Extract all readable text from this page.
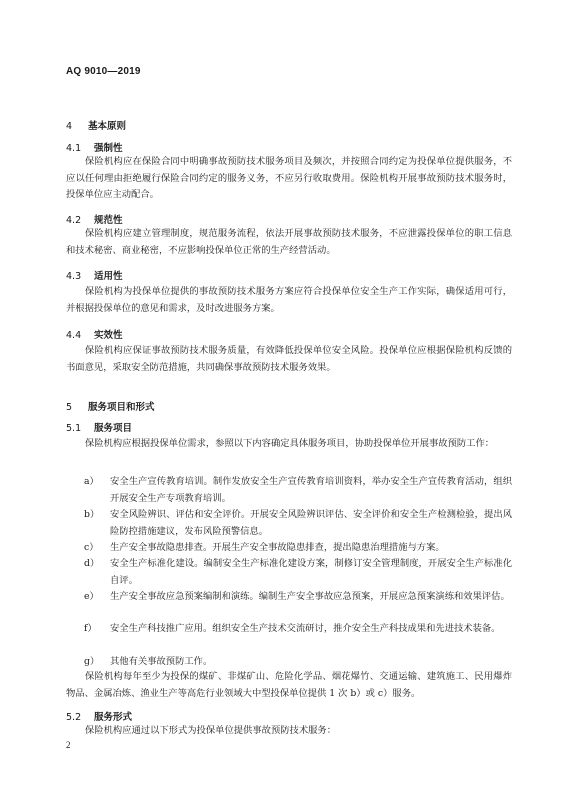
AQ 9010—2019
4 基本原则
4.1 强制性

保险机构应在保险合同中明确事故预防技术服务项目及频次，并按照合同约定为投保单位提供服务，不应以任何理由拒绝履行保险合同约定的服务义务，不应另行收取费用。保险机构开展事故预防技术服务时，投保单位应主动配合。

4.2 规范性

保险机构应建立管理制度，规范服务流程，依法开展事故预防技术服务，不应泄露投保单位的职工信息和技术秘密、商业秘密，不应影响投保单位正常的生产经营活动。

4.3 适用性

保险机构为投保单位提供的事故预防技术服务方案应符合投保单位安全生产工作实际，确保适用可行，并根据投保单位的意见和需求，及时改进服务方案。

4.4 实效性

保险机构应保证事故预防技术服务质量，有效降低投保单位安全风险。投保单位应根据保险机构反馈的书面意见，采取安全防范措施，共同确保事故预防技术服务效果。

5 服务项目和形式
5.1 服务项目

保险机构应根据投保单位需求，参照以下内容确定具体服务项目，协助投保单位开展事故预防工作：

a）	安全生产宣传教育培训。制作发放安全生产宣传教育培训资料，举办安全生产宣传教育活动，组织开展安全生产专项教育培训。
b）	安全风险辨识、评估和安全评价。开展安全风险辨识评估、安全评价和安全生产检测检验，提出风险防控措施建议，发布风险预警信息。
c）	生产安全事故隐患排查。开展生产安全事故隐患排查，提出隐患治理措施与方案。
d）	安全生产标准化建设。编制安全生产标准化建设方案，制修订安全管理制度，开展安全生产标准化自评。
e）	生产安全事故应急预案编制和演练。编制生产安全事故应急预案，开展应急预案演练和效果评估。
f）	安全生产科技推广应用。组织安全生产技术交流研讨，推介安全生产科技成果和先进技术装备。
g）	其他有关事故预防工作。

保险机构每年至少为投保的煤矿、非煤矿山、危险化学品、烟花爆竹、交通运输、建筑施工、民用爆炸物品、金属冶炼、渔业生产等高危行业领域大中型投保单位提供 1 次 b）或 c）服务。

5.2 服务形式

保险机构应通过以下形式为投保单位提供事故预防技术服务：

2
